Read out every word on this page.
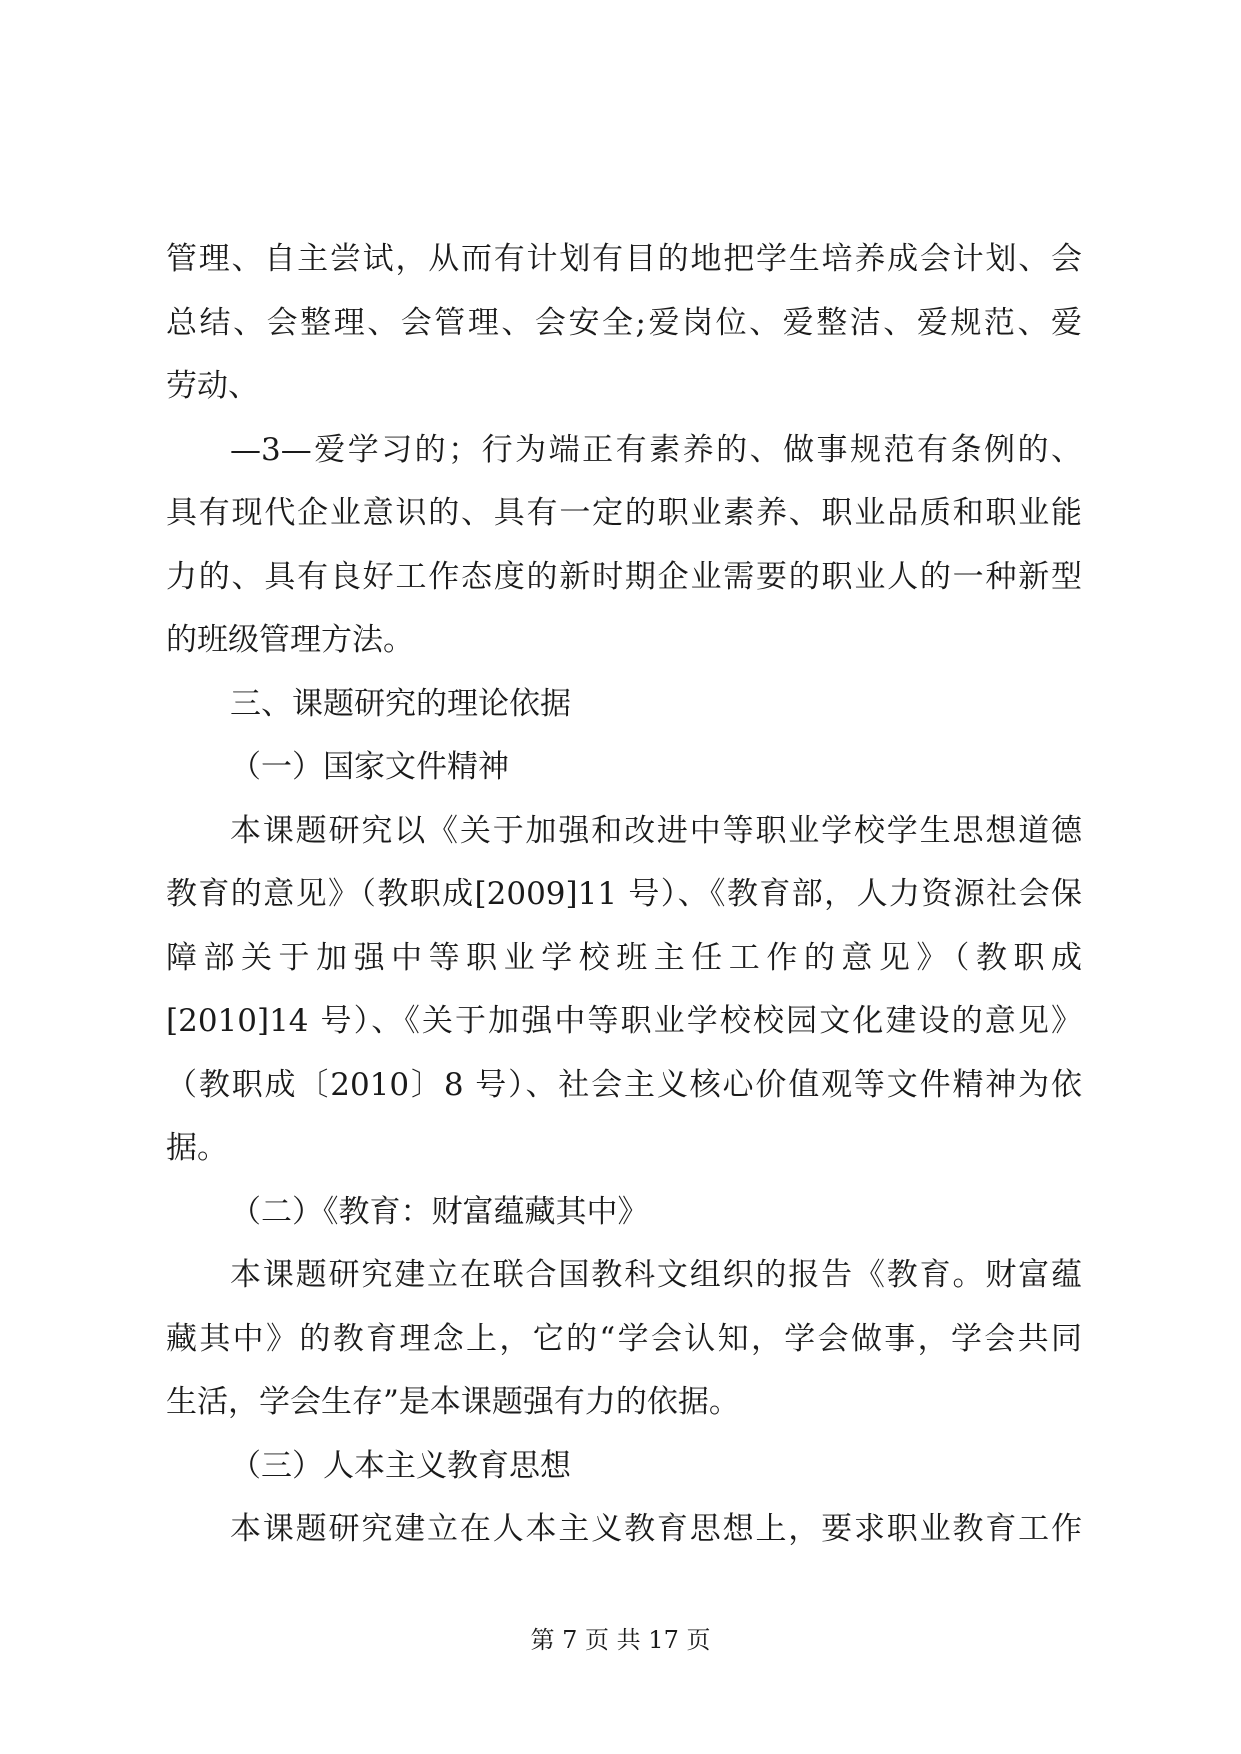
管理、自主尝试，从而有计划有目的地把学生培养成会计划、会
总结、会整理、会管理、会安全;爱岗位、爱整洁、爱规范、爱
劳动、
—3—爱学习的；行为端正有素养的、做事规范有条例的、
具有现代企业意识的、具有一定的职业素养、职业品质和职业能
力的、具有良好工作态度的新时期企业需要的职业人的一种新型
的班级管理方法。
三、课题研究的理论依据
（一）国家文件精神
本课题研究以《关于加强和改进中等职业学校学生思想道德
教育的意见》（教职成[2009]11 号）、《教育部，人力资源社会保
障部关于加强中等职业学校班主任工作的意见》（教职成
[2010]14 号）、《关于加强中等职业学校校园文化建设的意见》
（教职成〔2010〕8 号）、社会主义核心价值观等文件精神为依
据。
（二）《教育：财富蕴藏其中》
本课题研究建立在联合国教科文组织的报告《教育。财富蕴
藏其中》的教育理念上，它的“学会认知，学会做事，学会共同
生活，学会生存”是本课题强有力的依据。
（三）人本主义教育思想
本课题研究建立在人本主义教育思想上，要求职业教育工作
第 7 页 共 17 页
